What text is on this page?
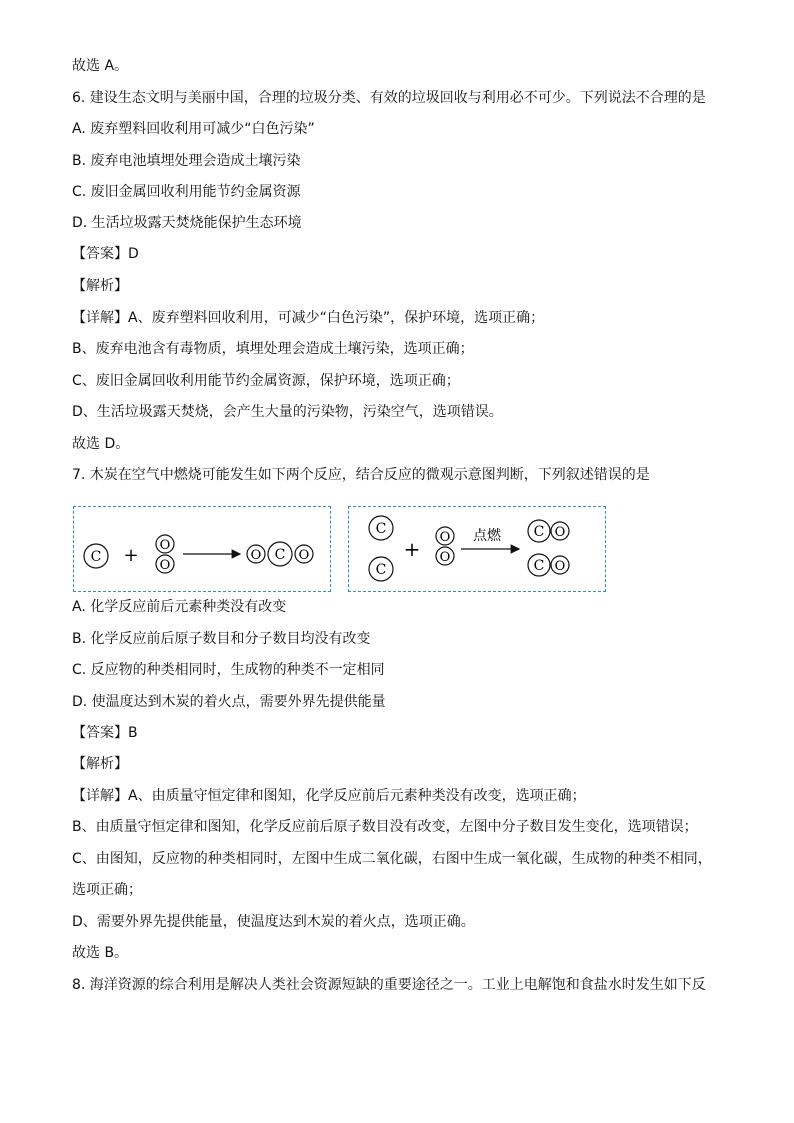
故选 A。
6. 建设生态文明与美丽中国，合理的垃圾分类、有效的垃圾回收与利用必不可少。下列说法不合理的是
A. 废弃塑料回收利用可减少“白色污染”
B. 废弃电池填埋处理会造成土壤污染
C. 废旧金属回收利用能节约金属资源
D. 生活垃圾露天焚烧能保护生态环境
【答案】D
【解析】
【详解】A、废弃塑料回收利用，可减少“白色污染”，保护环境，选项正确；
B、废弃电池含有毒物质，填埋处理会造成土壤污染，选项正确；
C、废旧金属回收利用能节约金属资源，保护环境，选项正确；
D、生活垃圾露天焚烧，会产生大量的污染物，污染空气，选项错误。
故选 D。
7. 木炭在空气中燃烧可能发生如下两个反应，结合反应的微观示意图判断，下列叙述错误的是
A. 化学反应前后元素种类没有改变
B. 化学反应前后原子数目和分子数目均没有改变
C. 反应物的种类相同时，生成物的种类不一定相同
D. 使温度达到木炭的着火点，需要外界先提供能量
【答案】B
【解析】
【详解】A、由质量守恒定律和图知，化学反应前后元素种类没有改变，选项正确；
B、由质量守恒定律和图知，化学反应前后原子数目没有改变，左图中分子数目发生变化，选项错误；
C、由图知，反应物的种类相同时，左图中生成二氧化碳，右图中生成一氧化碳，生成物的种类不相同，
选项正确；
D、需要外界先提供能量，使温度达到木炭的着火点，选项正确。
故选 B。
8. 海洋资源的综合利用是解决人类社会资源短缺的重要途径之一。工业上电解饱和食盐水时发生如下反
C + O
O
O C O
C
C
+ O
O
点燃 C O
C O
